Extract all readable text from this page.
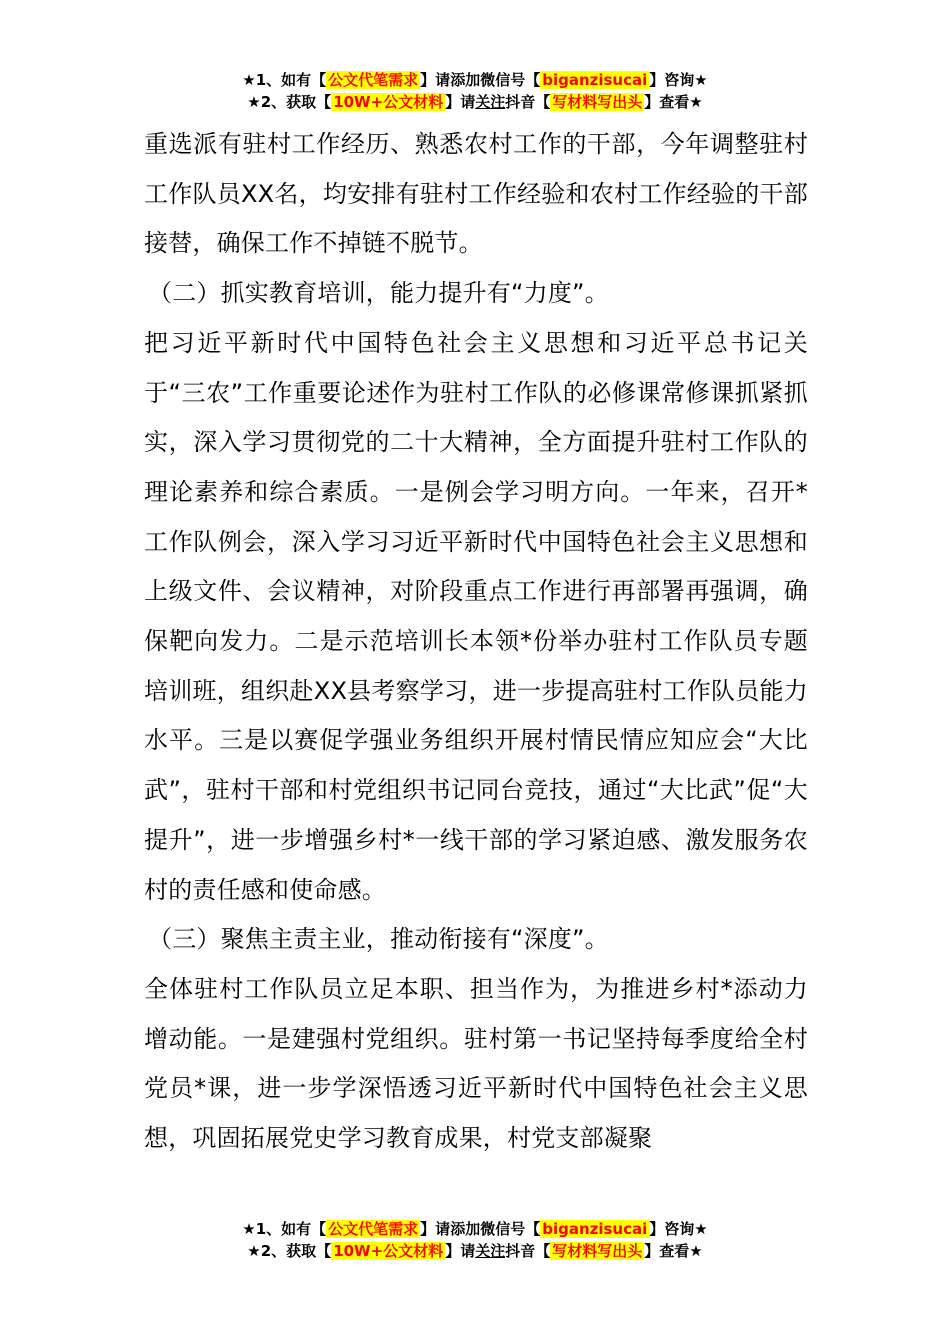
★1、如有【 公文代笔需求 】请添加微信号【 biganzisucai 】咨询★
★2、获取【 10W+公文材料 】请关注抖音【 写材料写出头 】查看★

重选派有驻村工作经历、熟悉农村工作的干部，今年调整驻村工作队员XX名，均安排有驻村工作经验和农村工作经验的干部接替，确保工作不掉链不脱节。

（二）抓实教育培训，能力提升有“力度”。

把习近平新时代中国特色社会主义思想和习近平总书记关于“三农”工作重要论述作为驻村工作队的必修课常修课抓紧抓实，深入学习贯彻党的二十大精神，全方面提升驻村工作队的理论素养和综合素质。一是例会学习明方向。一年来，召开*工作队例会，深入学习习近平新时代中国特色社会主义思想和上级文件、会议精神，对阶段重点工作进行再部署再强调，确保靶向发力。二是示范培训长本领*份举办驻村工作队员专题培训班，组织赴XX县考察学习，进一步提高驻村工作队员能力水平。三是以赛促学强业务组织开展村情民情应知应会“大比武”，驻村干部和村党组织书记同台竞技，通过“大比武”促“大提升”，进一步增强乡村*一线干部的学习紧迫感、激发服务农村的责任感和使命感。

（三）聚焦主责主业，推动衔接有“深度”。

全体驻村工作队员立足本职、担当作为，为推进乡村*添动力增动能。一是建强村党组织。驻村第一书记坚持每季度给全村党员*课，进一步学深悟透习近平新时代中国特色社会主义思想，巩固拓展党史学习教育成果，村党支部凝聚

★1、如有【 公文代笔需求 】请添加微信号【 biganzisucai 】咨询★
★2、获取【 10W+公文材料 】请关注抖音【 写材料写出头 】查看★
